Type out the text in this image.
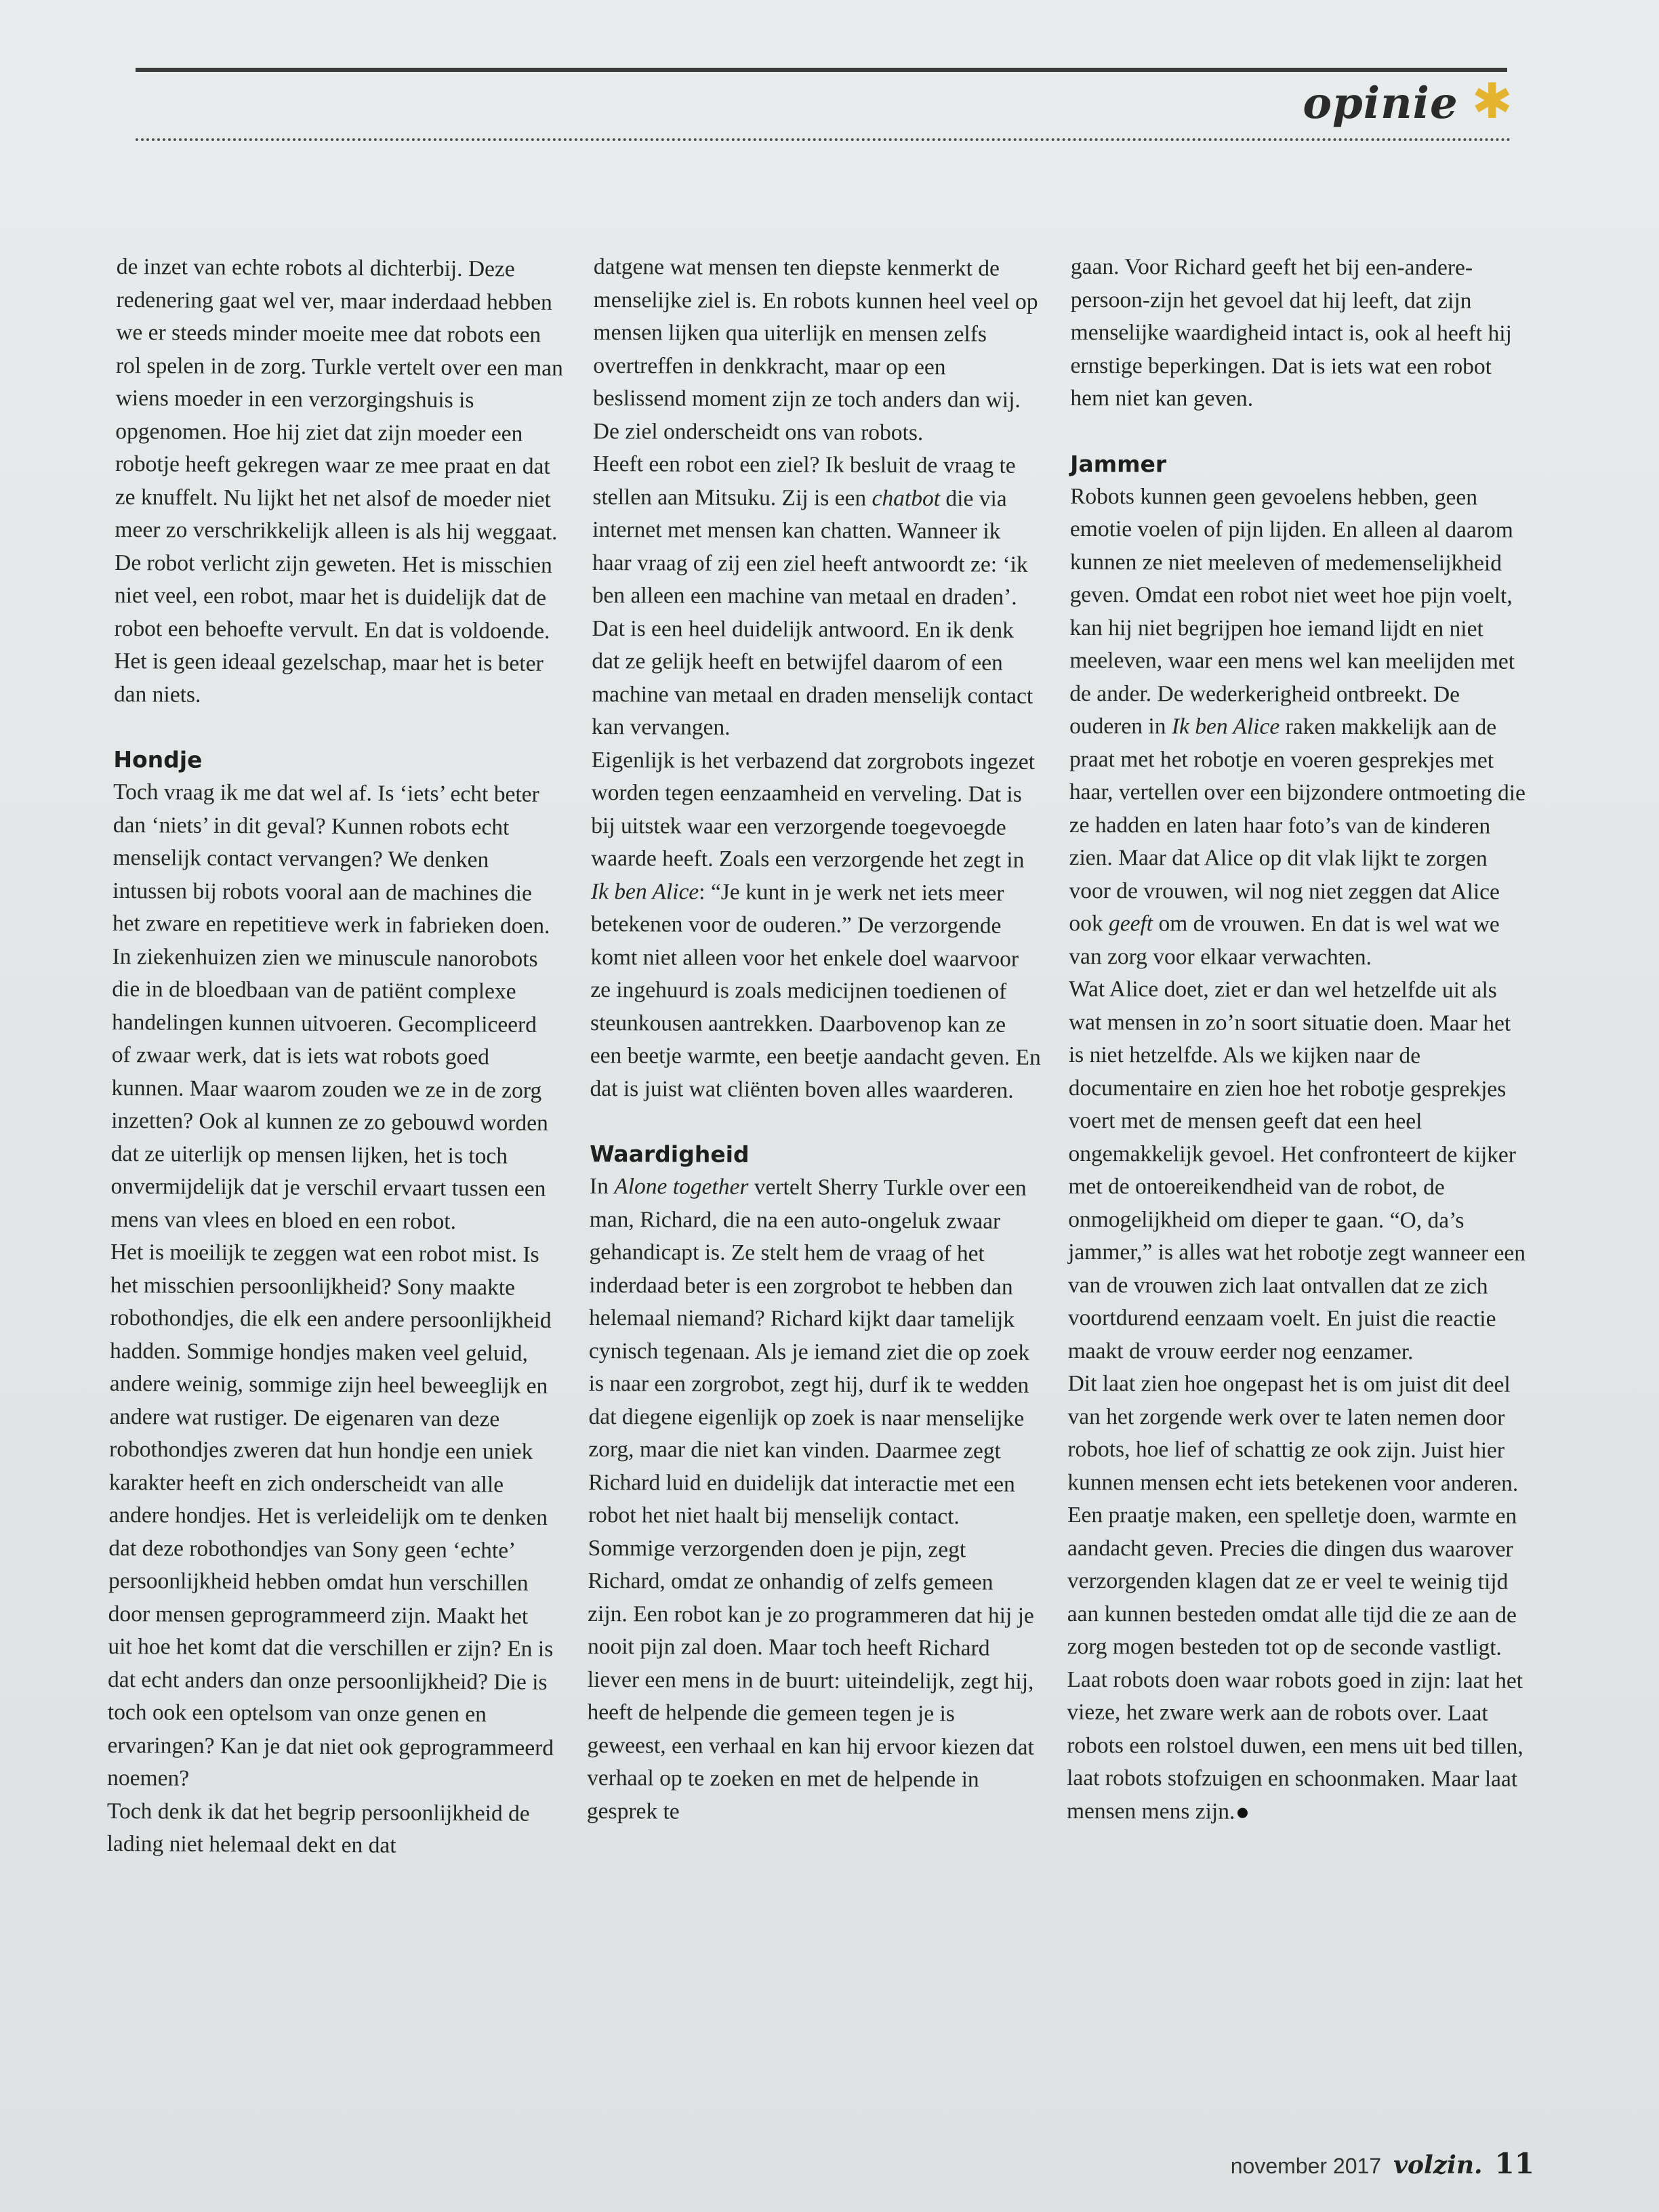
opinie ✱

de inzet van echte robots al dichterbij. Deze redenering gaat wel ver, maar inderdaad hebben we er steeds minder moeite mee dat robots een rol spelen in de zorg. Turkle vertelt over een man wiens moeder in een verzorgingshuis is opgenomen. Hoe hij ziet dat zijn moeder een robotje heeft gekregen waar ze mee praat en dat ze knuffelt. Nu lijkt het net alsof de moeder niet meer zo verschrikkelijk alleen is als hij weggaat.

De robot verlicht zijn geweten. Het is misschien niet veel, een robot, maar het is duidelijk dat de robot een behoefte vervult. En dat is voldoende. Het is geen ideaal gezelschap, maar het is beter dan niets.

Hondje

Toch vraag ik me dat wel af. Is ‘iets’ echt beter dan ‘niets’ in dit geval? Kunnen robots echt menselijk contact vervangen? We denken intussen bij robots vooral aan de machines die het zware en repetitieve werk in fabrieken doen. In ziekenhuizen zien we minuscule nanorobots die in de bloedbaan van de patiënt complexe handelingen kunnen uitvoeren. Gecompliceerd of zwaar werk, dat is iets wat robots goed kunnen. Maar waarom zouden we ze in de zorg inzetten? Ook al kunnen ze zo gebouwd worden dat ze uiterlijk op mensen lijken, het is toch onvermijdelijk dat je verschil ervaart tussen een mens van vlees en bloed en een robot.

Het is moeilijk te zeggen wat een robot mist. Is het misschien persoonlijkheid? Sony maakte robothondjes, die elk een andere persoonlijkheid hadden. Sommige hondjes maken veel geluid, andere weinig, sommige zijn heel beweeglijk en andere wat rustiger. De eigenaren van deze robothondjes zweren dat hun hondje een uniek karakter heeft en zich onderscheidt van alle andere hondjes. Het is verleidelijk om te denken dat deze robothondjes van Sony geen ‘echte’ persoonlijkheid hebben omdat hun verschillen door mensen geprogrammeerd zijn. Maakt het uit hoe het komt dat die verschillen er zijn? En is dat echt anders dan onze persoonlijkheid? Die is toch ook een optelsom van onze genen en ervaringen? Kan je dat niet ook geprogrammeerd noemen?

Toch denk ik dat het begrip persoonlijkheid de lading niet helemaal dekt en dat

datgene wat mensen ten diepste kenmerkt de menselijke ziel is. En robots kunnen heel veel op mensen lijken qua uiterlijk en mensen zelfs overtreffen in denkkracht, maar op een beslissend moment zijn ze toch anders dan wij. De ziel onderscheidt ons van robots.

Heeft een robot een ziel? Ik besluit de vraag te stellen aan Mitsuku. Zij is een chatbot die via internet met mensen kan chatten. Wanneer ik haar vraag of zij een ziel heeft antwoordt ze: ‘ik ben alleen een machine van metaal en draden’. Dat is een heel duidelijk antwoord. En ik denk dat ze gelijk heeft en betwijfel daarom of een machine van metaal en draden menselijk contact kan vervangen.

Eigenlijk is het verbazend dat zorgrobots ingezet worden tegen eenzaamheid en verveling. Dat is bij uitstek waar een verzorgende toegevoegde waarde heeft. Zoals een verzorgende het zegt in Ik ben Alice: “Je kunt in je werk net iets meer betekenen voor de ouderen.” De verzorgende komt niet alleen voor het enkele doel waarvoor ze ingehuurd is zoals medicijnen toedienen of steunkousen aantrekken. Daarbovenop kan ze een beetje warmte, een beetje aandacht geven. En dat is juist wat cliënten boven alles waarderen.

Waardigheid

In Alone together vertelt Sherry Turkle over een man, Richard, die na een auto-ongeluk zwaar gehandicapt is. Ze stelt hem de vraag of het inderdaad beter is een zorgrobot te hebben dan helemaal niemand? Richard kijkt daar tamelijk cynisch tegenaan. Als je iemand ziet die op zoek is naar een zorgrobot, zegt hij, durf ik te wedden dat diegene eigenlijk op zoek is naar menselijke zorg, maar die niet kan vinden. Daarmee zegt Richard luid en duidelijk dat interactie met een robot het niet haalt bij menselijk contact.

Sommige verzorgenden doen je pijn, zegt Richard, omdat ze onhandig of zelfs gemeen zijn. Een robot kan je zo programmeren dat hij je nooit pijn zal doen. Maar toch heeft Richard liever een mens in de buurt: uiteindelijk, zegt hij, heeft de helpende die gemeen tegen je is geweest, een verhaal en kan hij ervoor kiezen dat verhaal op te zoeken en met de helpende in gesprek te

gaan. Voor Richard geeft het bij een-andere-persoon-zijn het gevoel dat hij leeft, dat zijn menselijke waardigheid intact is, ook al heeft hij ernstige beperkingen. Dat is iets wat een robot hem niet kan geven.

Jammer

Robots kunnen geen gevoelens hebben, geen emotie voelen of pijn lijden. En alleen al daarom kunnen ze niet meeleven of medemenselijkheid geven. Omdat een robot niet weet hoe pijn voelt, kan hij niet begrijpen hoe iemand lijdt en niet meeleven, waar een mens wel kan meelijden met de ander. De wederkerigheid ontbreekt. De ouderen in Ik ben Alice raken makkelijk aan de praat met het robotje en voeren gesprekjes met haar, vertellen over een bijzondere ontmoeting die ze hadden en laten haar foto’s van de kinderen zien. Maar dat Alice op dit vlak lijkt te zorgen voor de vrouwen, wil nog niet zeggen dat Alice ook geeft om de vrouwen. En dat is wel wat we van zorg voor elkaar verwachten.

Wat Alice doet, ziet er dan wel hetzelfde uit als wat mensen in zo’n soort situatie doen. Maar het is niet hetzelfde. Als we kijken naar de documentaire en zien hoe het robotje gesprekjes voert met de mensen geeft dat een heel ongemakkelijk gevoel. Het confronteert de kijker met de ontoereikendheid van de robot, de onmogelijkheid om dieper te gaan. “O, da’s jammer,” is alles wat het robotje zegt wanneer een van de vrouwen zich laat ontvallen dat ze zich voortdurend eenzaam voelt. En juist die reactie maakt de vrouw eerder nog eenzamer.

Dit laat zien hoe ongepast het is om juist dit deel van het zorgende werk over te laten nemen door robots, hoe lief of schattig ze ook zijn. Juist hier kunnen mensen echt iets betekenen voor anderen. Een praatje maken, een spelletje doen, warmte en aandacht geven. Precies die dingen dus waarover verzorgenden klagen dat ze er veel te weinig tijd aan kunnen besteden omdat alle tijd die ze aan de zorg mogen besteden tot op de seconde vastligt. Laat robots doen waar robots goed in zijn: laat het vieze, het zware werk aan de robots over. Laat robots een rolstoel duwen, een mens uit bed tillen, laat robots stofzuigen en schoonmaken. Maar laat mensen mens zijn.

november 2017 volzin. 11
